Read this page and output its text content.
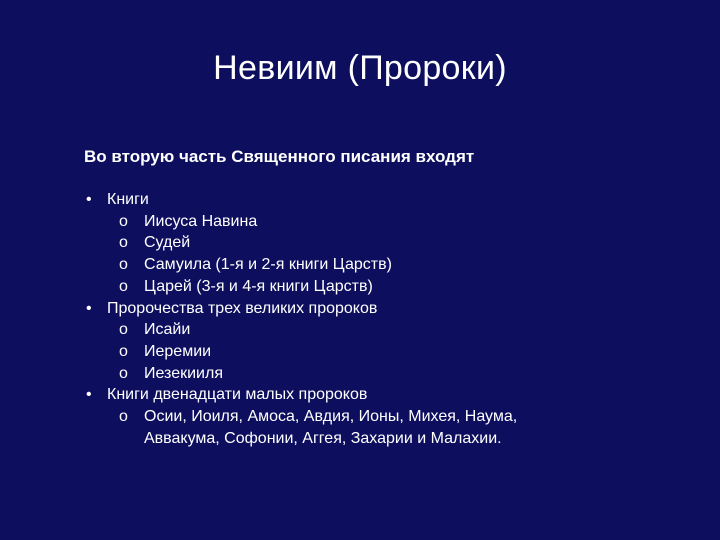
Невиим (Пророки)
Во вторую часть Священного писания входят
• Книги
o Иисуса Навина
o Судей
o Самуила (1-я и 2-я книги Царств)
o Царей (3-я и 4-я книги Царств)
• Пророчества трех великих пророков
o Исайи
o Иеремии
o Иезекииля
• Книги двенадцати малых пророков
o Осии, Иоиля, Амоса, Авдия, Ионы, Михея, Наума,
Аввакума, Софонии, Аггея, Захарии и Малахии.
